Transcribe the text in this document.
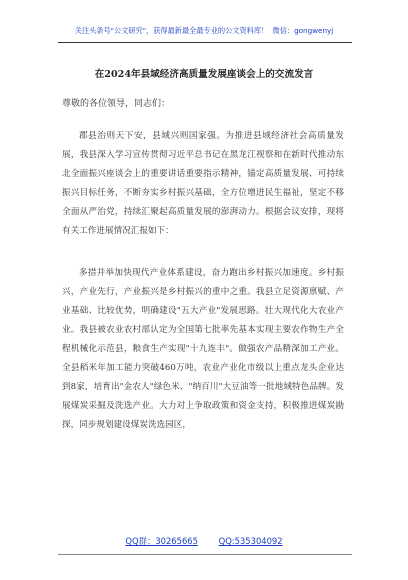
关注头条号"公文研究"，获得最新最全最专业的公文资料库！ 微信：gongwenyj
在2024年县域经济高质量发展座谈会上的交流发言
尊敬的各位领导，同志们：
郡县治则天下安，县域兴则国家强。为推进县域经济社会高质量发展，我县深入学习宣传贯彻习近平总书记在黑龙江视察和在新时代推动东北全面振兴座谈会上的重要讲话重要指示精神，锚定高质量发展、可持续振兴目标任务，不断夯实乡村振兴基础，全方位增进民生福祉，坚定不移全面从严治党，持续汇聚起高质量发展的澎湃动力。根据会议安排，现将有关工作进展情况汇报如下：
多措并举加快现代产业体系建设，奋力跑出乡村振兴加速度。乡村振兴，产业先行，产业振兴是乡村振兴的重中之重。我县立足资源禀赋、产业基础、比较优势，明确建设"五大产业"发展思路。壮大现代化大农业产业。我县被农业农村部认定为全国第七批率先基本实现主要农作物生产全程机械化示范县，粮食生产实现"十九连丰"。做强农产品精深加工产业。全县稻米年加工能力突破460万吨，农业产业化市级以上重点龙头企业达到8家，培育出"金农人"绿色米、"纳百川"大豆油等一批地域特色品牌。发展煤炭采掘及洗选产业。大力对上争取政策和资金支持，积极推进煤炭勘探，同步规划建设煤炭洗选园区，
QQ群：30265665 QQ:535304092
